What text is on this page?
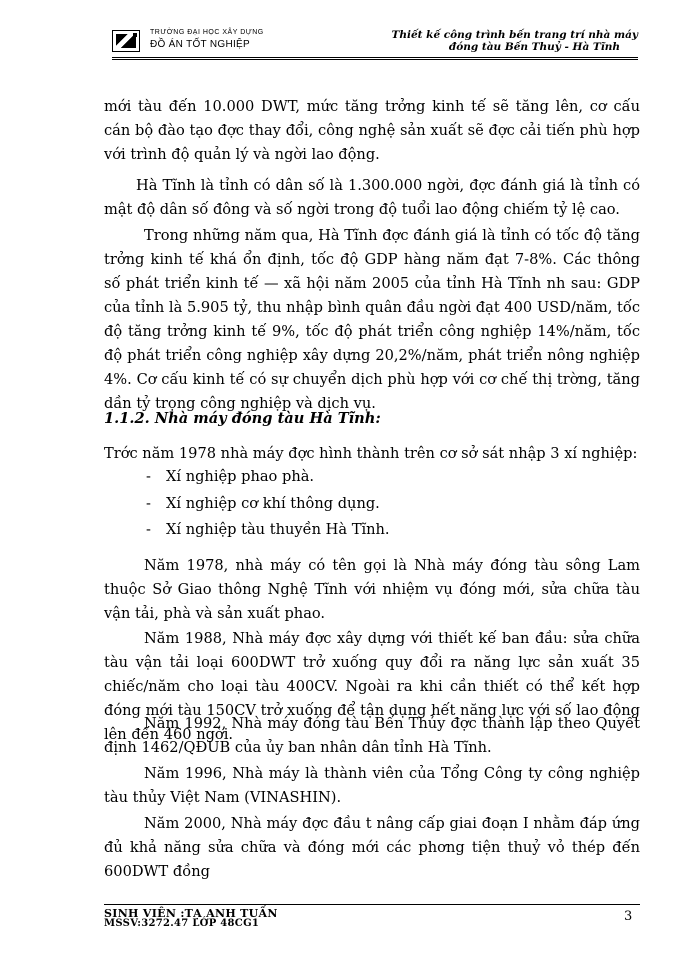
TRƯỜNG ĐẠI HỌC XÂY DỰNG
ĐỒ ÁN TỐT NGHIỆP
Thiết kế công trình bến trang trí nhà máy
đóng tàu Bến Thuỷ - Hà Tĩnh
mới tàu đến 10.000 DWT, mức tăng trởng kinh tế sẽ tăng lên, cơ cấu cán bộ đào tạo đợc thay đổi, công nghệ sản xuất sẽ đợc cải tiến phù hợp với trình độ quản lý và ngời lao động.
Hà Tĩnh là tỉnh có dân số là 1.300.000 ngời, đợc đánh giá là tỉnh có mật độ dân số đông và số ngời trong độ tuổi lao động chiếm tỷ lệ cao.
Trong những năm qua, Hà Tĩnh đợc đánh giá là tỉnh có tốc độ tăng trởng kinh tế khá ổn định, tốc độ GDP hàng năm đạt 7-8%. Các thông số phát triển kinh tế — xã hội năm 2005 của tỉnh Hà Tĩnh nh sau: GDP của tỉnh là 5.905 tỷ, thu nhập bình quân đầu ngời đạt 400 USD/năm, tốc độ tăng trởng kinh tế 9%, tốc độ phát triển công nghiệp 14%/năm, tốc độ phát triển công nghiệp xây dựng 20,2%/năm, phát triển nông nghiệp 4%. Cơ cấu kinh tế có sự chuyển dịch phù hợp với cơ chế thị trờng, tăng dần tỷ trọng công nghiệp và dịch vụ.
1.1.2. Nhà máy đóng tàu Hà Tĩnh:
Trớc năm 1978 nhà máy đợc hình thành trên cơ sở sát nhập 3 xí nghiệp:
- Xí nghiệp phao phà.
- Xí nghiệp cơ khí thông dụng.
- Xí nghiệp tàu thuyền Hà Tĩnh.
Năm 1978, nhà máy có tên gọi là Nhà máy đóng tàu sông Lam thuộc Sở Giao thông Nghệ Tĩnh với nhiệm vụ đóng mới, sửa chữa tàu vận tải, phà và sản xuất phao.
Năm 1988, Nhà máy đợc xây dựng với thiết kế ban đầu: sửa chữa tàu vận tải loại 600DWT trở xuống quy đổi ra năng lực sản xuất 35 chiếc/năm cho loại tàu 400CV. Ngoài ra khi cần thiết có thể kết hợp đóng mới tàu 150CV trở xuống để tận dụng hết năng lực với số lao động lên đến 460 ngời.
Năm 1992, Nhà máy đóng tàu Bến Thủy đợc thành lập theo Quyết định 1462/QĐUB của ủy ban nhân dân tỉnh Hà Tĩnh.
Năm 1996, Nhà máy là thành viên của Tổng Công ty công nghiệp tàu thủy Việt Nam (VINASHIN).
Năm 2000, Nhà máy đợc đầu t nâng cấp giai đoạn I nhằm đáp ứng đủ khả năng sửa chữa và đóng mới các phơng tiện thuỷ vỏ thép đến 600DWT đồng
SINH VIÊN :TẠ ANH TUẤN
MSSV:3272.47 LỚP 48CG1	3
